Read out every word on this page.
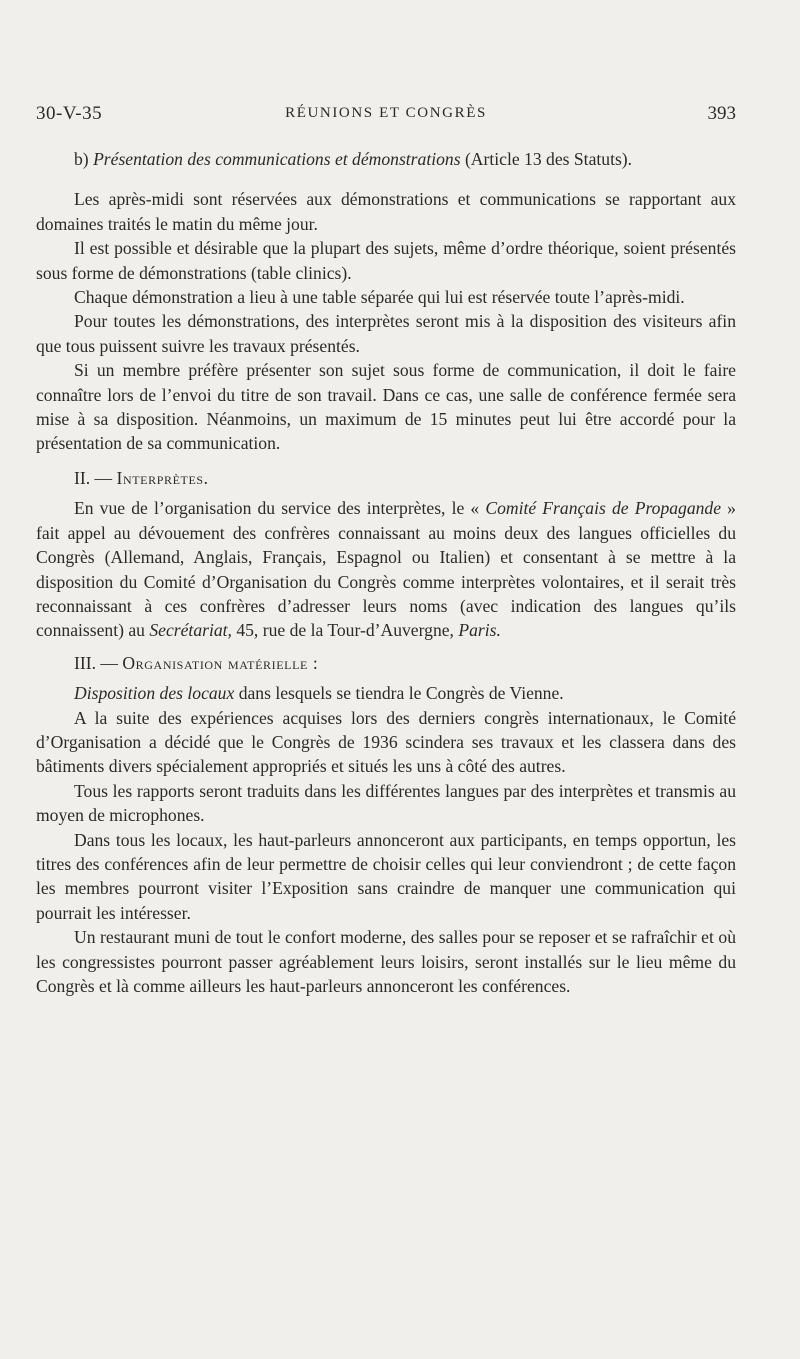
30-V-35	RÉUNIONS ET CONGRÈS	393

b) Présentation des communications et démonstrations (Article 13 des Statuts).

Les après-midi sont réservées aux démonstrations et communications se rapportant aux domaines traités le matin du même jour.

Il est possible et désirable que la plupart des sujets, même d’ordre théorique, soient présentés sous forme de démonstrations (table clinics).

Chaque démonstration a lieu à une table séparée qui lui est réservée toute l’après-midi.

Pour toutes les démonstrations, des interprètes seront mis à la disposition des visiteurs afin que tous puissent suivre les travaux présentés.

Si un membre préfère présenter son sujet sous forme de communication, il doit le faire connaître lors de l’envoi du titre de son travail. Dans ce cas, une salle de conférence fermée sera mise à sa disposition. Néanmoins, un maximum de 15 minutes peut lui être accordé pour la présentation de sa communication.

II. — Interprètes.

En vue de l’organisation du service des interprètes, le « Comité Français de Propagande » fait appel au dévouement des confrères connaissant au moins deux des langues officielles du Congrès (Allemand, Anglais, Français, Espagnol ou Italien) et consentant à se mettre à la disposition du Comité d’Organisation du Congrès comme interprètes volontaires, et il serait très reconnaissant à ces confrères d’adresser leurs noms (avec indication des langues qu’ils connaissent) au Secrétariat, 45, rue de la Tour-d’Auvergne, Paris.

III. — Organisation matérielle :

Disposition des locaux dans lesquels se tiendra le Congrès de Vienne.

A la suite des expériences acquises lors des derniers congrès internationaux, le Comité d’Organisation a décidé que le Congrès de 1936 scindera ses travaux et les classera dans des bâtiments divers spécialement appropriés et situés les uns à côté des autres.

Tous les rapports seront traduits dans les différentes langues par des interprètes et transmis au moyen de microphones.

Dans tous les locaux, les haut-parleurs annonceront aux participants, en temps opportun, les titres des conférences afin de leur permettre de choisir celles qui leur conviendront ; de cette façon les membres pourront visiter l’Exposition sans craindre de manquer une communication qui pourrait les intéresser.

Un restaurant muni de tout le confort moderne, des salles pour se reposer et se rafraîchir et où les congressistes pourront passer agréablement leurs loisirs, seront installés sur le lieu même du Congrès et là comme ailleurs les haut-parleurs annonceront les conférences.
